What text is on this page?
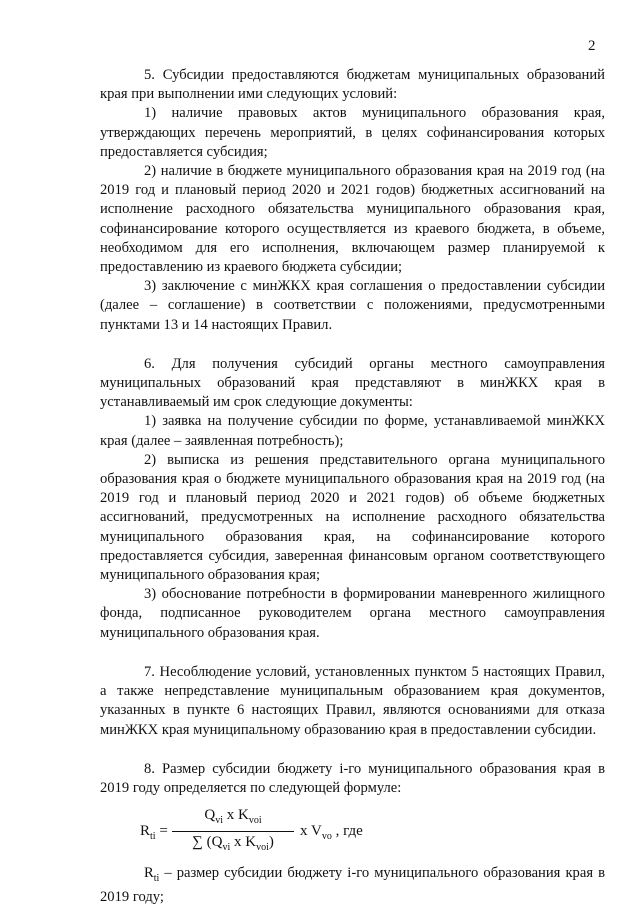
2

5. Субсидии предоставляются бюджетам муниципальных образований края при выполнении ими следующих условий:

1) наличие правовых актов муниципального образования края, утверждающих перечень мероприятий, в целях софинансирования которых предоставляется субсидия;

2) наличие в бюджете муниципального образования края на 2019 год (на 2019 год и плановый период 2020 и 2021 годов) бюджетных ассигнований на исполнение расходного обязательства муниципального образования края, софинансирование которого осуществляется из краевого бюджета, в объеме, необходимом для его исполнения, включающем размер планируемой к предоставлению из краевого бюджета субсидии;

3) заключение с минЖКХ края соглашения о предоставлении субсидии (далее – соглашение) в соответствии с положениями, предусмотренными пунктами 13 и 14 настоящих Правил.

6. Для получения субсидий органы местного самоуправления муниципальных образований края представляют в минЖКХ края в устанавливаемый им срок следующие документы:

1) заявка на получение субсидии по форме, устанавливаемой минЖКХ края (далее – заявленная потребность);

2) выписка из решения представительного органа муниципального образования края о бюджете муниципального образования края на 2019 год (на 2019 год и плановый период 2020 и 2021 годов) об объеме бюджетных ассигнований, предусмотренных на исполнение расходного обязательства муниципального образования края, на софинансирование которого предоставляется субсидия, заверенная финансовым органом соответствующего муниципального образования края;

3) обоснование потребности в формировании маневренного жилищного фонда, подписанное руководителем органа местного самоуправления муниципального образования края.

7. Несоблюдение условий, установленных пунктом 5 настоящих Правил, а также непредставление муниципальным образованием края документов, указанных в пункте 6 настоящих Правил, являются основаниями для отказа минЖКХ края муниципальному образованию края в предоставлении субсидии.

8. Размер субсидии бюджету i-го муниципального образования края в 2019 году определяется по следующей формуле:

$R_{ti}$ =
$Q_{vi}$ x $K_{voi}$
∑ ($Q_{vi}$ x $K_{voi}$)
x $V_{vo}$ , где

$R_{ti}$ – размер субсидии бюджету i-го муниципального образования края в 2019 году;
